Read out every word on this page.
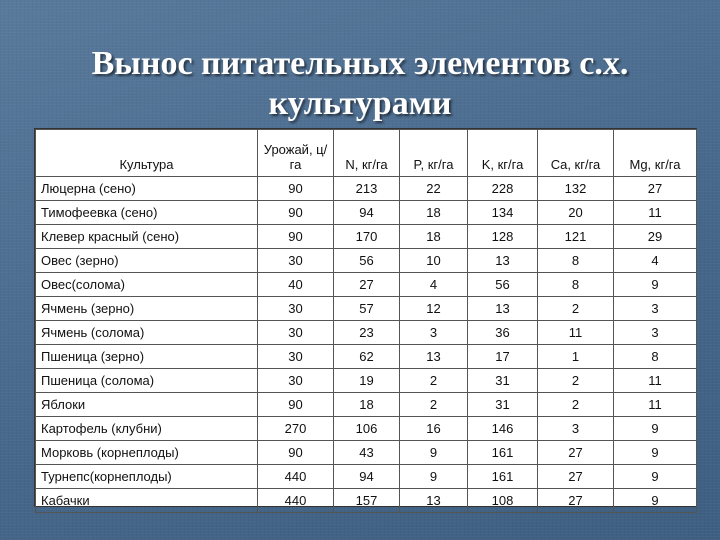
Вынос питательных элементов с.х.
культурами
Культура	Урожай, ц/га	N, кг/га	P, кг/га	K, кг/га	Ca, кг/га	Mg, кг/га
Люцерна (сено)	90	213	22	228	132	27
Тимофеевка (сено)	90	94	18	134	20	11
Клевер красный (сено)	90	170	18	128	121	29
Овес (зерно)	30	56	10	13	8	4
Овес(солома)	40	27	4	56	8	9
Ячмень (зерно)	30	57	12	13	2	3
Ячмень (солома)	30	23	3	36	11	3
Пшеница (зерно)	30	62	13	17	1	8
Пшеница (солома)	30	19	2	31	2	11
Яблоки	90	18	2	31	2	11
Картофель (клубни)	270	106	16	146	3	9
Морковь (корнеплоды)	90	43	9	161	27	9
Турнепс(корнеплоды)	440	94	9	161	27	9
Кабачки	440	157	13	108	27	9
